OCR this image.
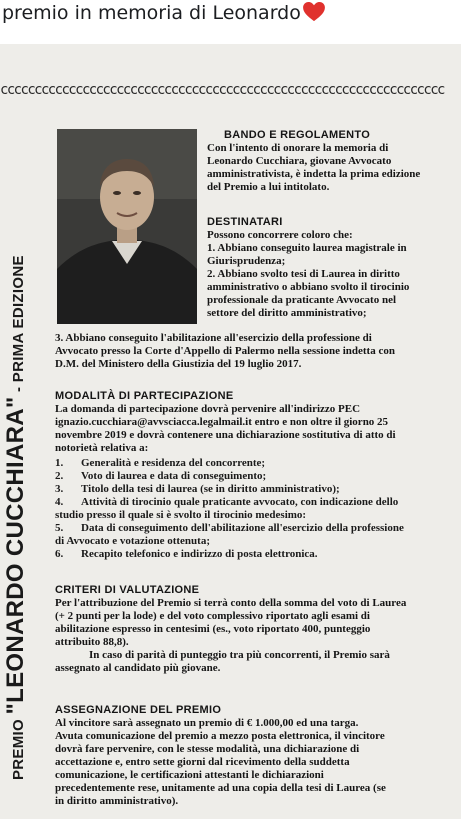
premio in memoria di Leonardo
ccccccccccccccccccccccccccccccccccccccccccccccccccccccccccccccccc
PREMIO "LEONARDO CUCCHIARA" - PRIMA EDIZIONE
BANDO E REGOLAMENTO
Con l'intento di onorare la memoria di
Leonardo Cucchiara, giovane Avvocato
amministrativista, è indetta la prima edizione
del Premio a lui intitolato.
DESTINATARI
Possono concorrere coloro che:
1. Abbiano conseguito laurea magistrale in
Giurisprudenza;
2. Abbiano svolto tesi di Laurea in diritto
amministrativo o abbiano svolto il tirocinio
professionale da praticante Avvocato nel
settore del diritto amministrativo;
3. Abbiano conseguito l'abilitazione all'esercizio della professione di
Avvocato presso la Corte d'Appello di Palermo nella sessione indetta con
D.M. del Ministero della Giustizia del 19 luglio 2017.
MODALITÀ DI PARTECIPAZIONE
La domanda di partecipazione dovrà pervenire all'indirizzo PEC
ignazio.cucchiara@avvsciacca.legalmail.it entro e non oltre il giorno 25
novembre 2019 e dovrà contenere una dichiarazione sostitutiva di atto di
notorietà relativa a:
1. Generalità e residenza del concorrente;
2. Voto di laurea e data di conseguimento;
3. Titolo della tesi di laurea (se in diritto amministrativo);
4. Attività di tirocinio quale praticante avvocato, con indicazione dello
studio presso il quale si è svolto il tirocinio medesimo:
5. Data di conseguimento dell'abilitazione all'esercizio della professione
di Avvocato e votazione ottenuta;
6. Recapito telefonico e indirizzo di posta elettronica.
CRITERI DI VALUTAZIONE
Per l'attribuzione del Premio si terrà conto della somma del voto di Laurea
(+ 2 punti per la lode) e del voto complessivo riportato agli esami di
abilitazione espresso in centesimi (es., voto riportato 400, punteggio
attribuito 88,8).
In caso di parità di punteggio tra più concorrenti, il Premio sarà
assegnato al candidato più giovane.
ASSEGNAZIONE DEL PREMIO
Al vincitore sarà assegnato un premio di € 1.000,00 ed una targa.
Avuta comunicazione del premio a mezzo posta elettronica, il vincitore
dovrà fare pervenire, con le stesse modalità, una dichiarazione di
accettazione e, entro sette giorni dal ricevimento della suddetta
comunicazione, le certificazioni attestanti le dichiarazioni
precedentemente rese, unitamente ad una copia della tesi di Laurea (se
in diritto amministrativo).
